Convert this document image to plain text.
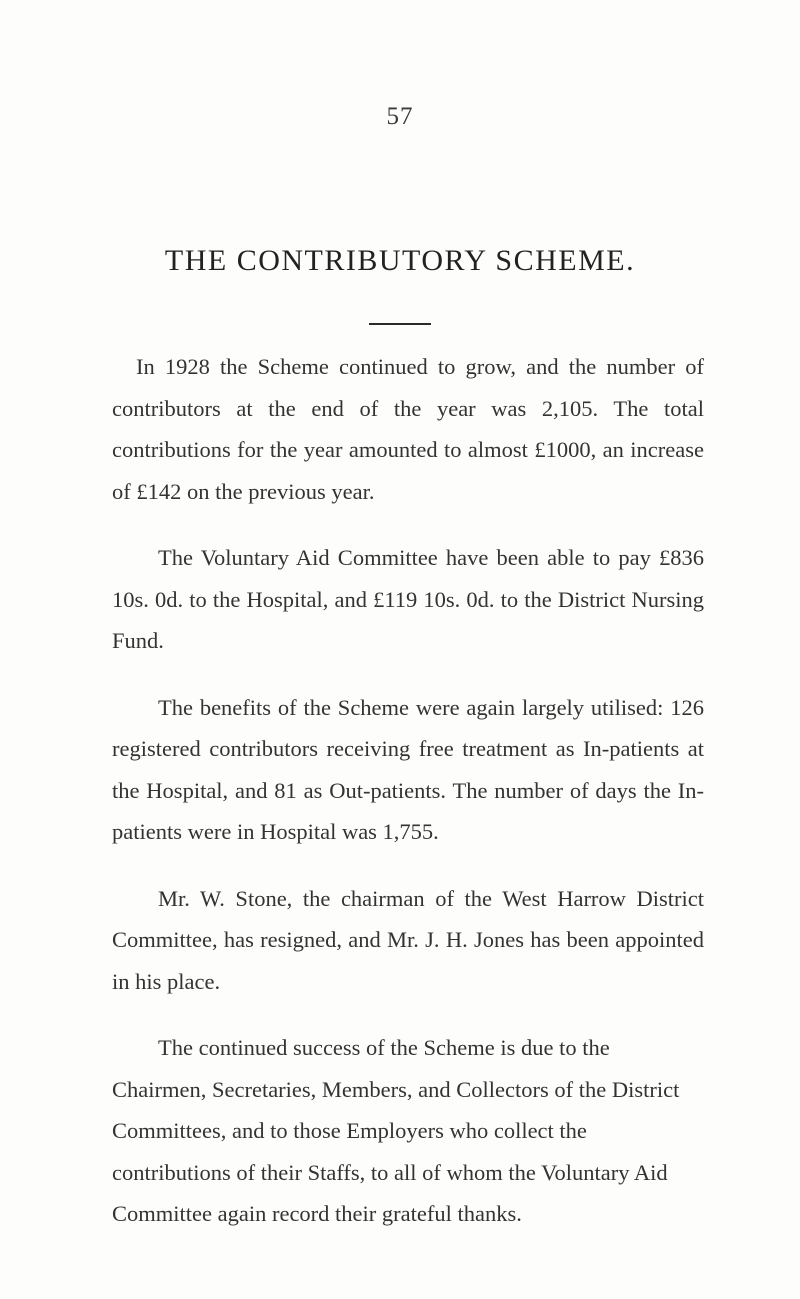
57
THE CONTRIBUTORY SCHEME.

In 1928 the Scheme continued to grow, and the number of contributors at the end of the year was 2,105. The total contributions for the year amounted to almost £1000, an increase of £142 on the previous year.

The Voluntary Aid Committee have been able to pay £836 10s. 0d. to the Hospital, and £119 10s. 0d. to the District Nursing Fund.

The benefits of the Scheme were again largely utilised: 126 registered contributors receiving free treatment as In-patients at the Hospital, and 81 as Out-patients. The number of days the In-patients were in Hospital was 1,755.

Mr. W. Stone, the chairman of the West Harrow District Committee, has resigned, and Mr. J. H. Jones has been appointed in his place.

The continued success of the Scheme is due to the Chairmen, Secretaries, Members, and Collectors of the District Committees, and to those Employers who collect the contributions of their Staffs, to all of whom the Voluntary Aid Committee again record their grateful thanks.
